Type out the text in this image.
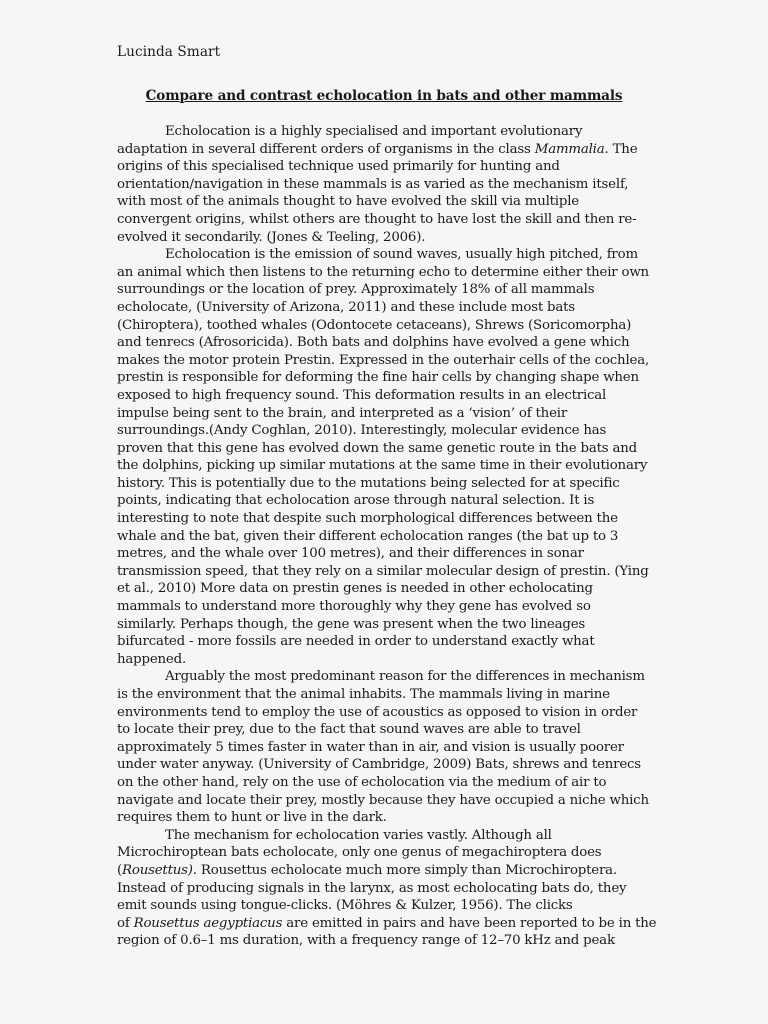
Lucinda Smart
Compare and contrast echolocation in bats and other mammals
Echolocation is a highly specialised and important evolutionary
adaptation in several different orders of organisms in the class Mammalia. The
origins of this specialised technique used primarily for hunting and
orientation/navigation in these mammals is as varied as the mechanism itself,
with most of the animals thought to have evolved the skill via multiple
convergent origins, whilst others are thought to have lost the skill and then re-
evolved it secondarily. (Jones & Teeling, 2006).
Echolocation is the emission of sound waves, usually high pitched, from
an animal which then listens to the returning echo to determine either their own
surroundings or the location of prey. Approximately 18% of all mammals
echolocate, (University of Arizona, 2011) and these include most bats
(Chiroptera), toothed whales (Odontocete cetaceans), Shrews (Soricomorpha)
and tenrecs (Afrosoricida). Both bats and dolphins have evolved a gene which
makes the motor protein Prestin. Expressed in the outerhair cells of the cochlea,
prestin is responsible for deforming the fine hair cells by changing shape when
exposed to high frequency sound. This deformation results in an electrical
impulse being sent to the brain, and interpreted as a ‘vision’ of their
surroundings.(Andy Coghlan, 2010). Interestingly, molecular evidence has
proven that this gene has evolved down the same genetic route in the bats and
the dolphins, picking up similar mutations at the same time in their evolutionary
history. This is potentially due to the mutations being selected for at specific
points, indicating that echolocation arose through natural selection. It is
interesting to note that despite such morphological differences between the
whale and the bat, given their different echolocation ranges (the bat up to 3
metres, and the whale over 100 metres), and their differences in sonar
transmission speed, that they rely on a similar molecular design of prestin. (Ying
et al., 2010) More data on prestin genes is needed in other echolocating
mammals to understand more thoroughly why they gene has evolved so
similarly. Perhaps though, the gene was present when the two lineages
bifurcated - more fossils are needed in order to understand exactly what
happened.
Arguably the most predominant reason for the differences in mechanism
is the environment that the animal inhabits. The mammals living in marine
environments tend to employ the use of acoustics as opposed to vision in order
to locate their prey, due to the fact that sound waves are able to travel
approximately 5 times faster in water than in air, and vision is usually poorer
under water anyway. (University of Cambridge, 2009) Bats, shrews and tenrecs
on the other hand, rely on the use of echolocation via the medium of air to
navigate and locate their prey, mostly because they have occupied a niche which
requires them to hunt or live in the dark.
The mechanism for echolocation varies vastly. Although all
Microchiroptean bats echolocate, only one genus of megachiroptera does
(Rousettus). Rousettus echolocate much more simply than Microchiroptera.
Instead of producing signals in the larynx, as most echolocating bats do, they
emit sounds using tongue-clicks. (Möhres & Kulzer, 1956). The clicks
of Rousettus aegyptiacus are emitted in pairs and have been reported to be in the
region of 0.6–1 ms duration, with a frequency range of 12–70 kHz and peak
